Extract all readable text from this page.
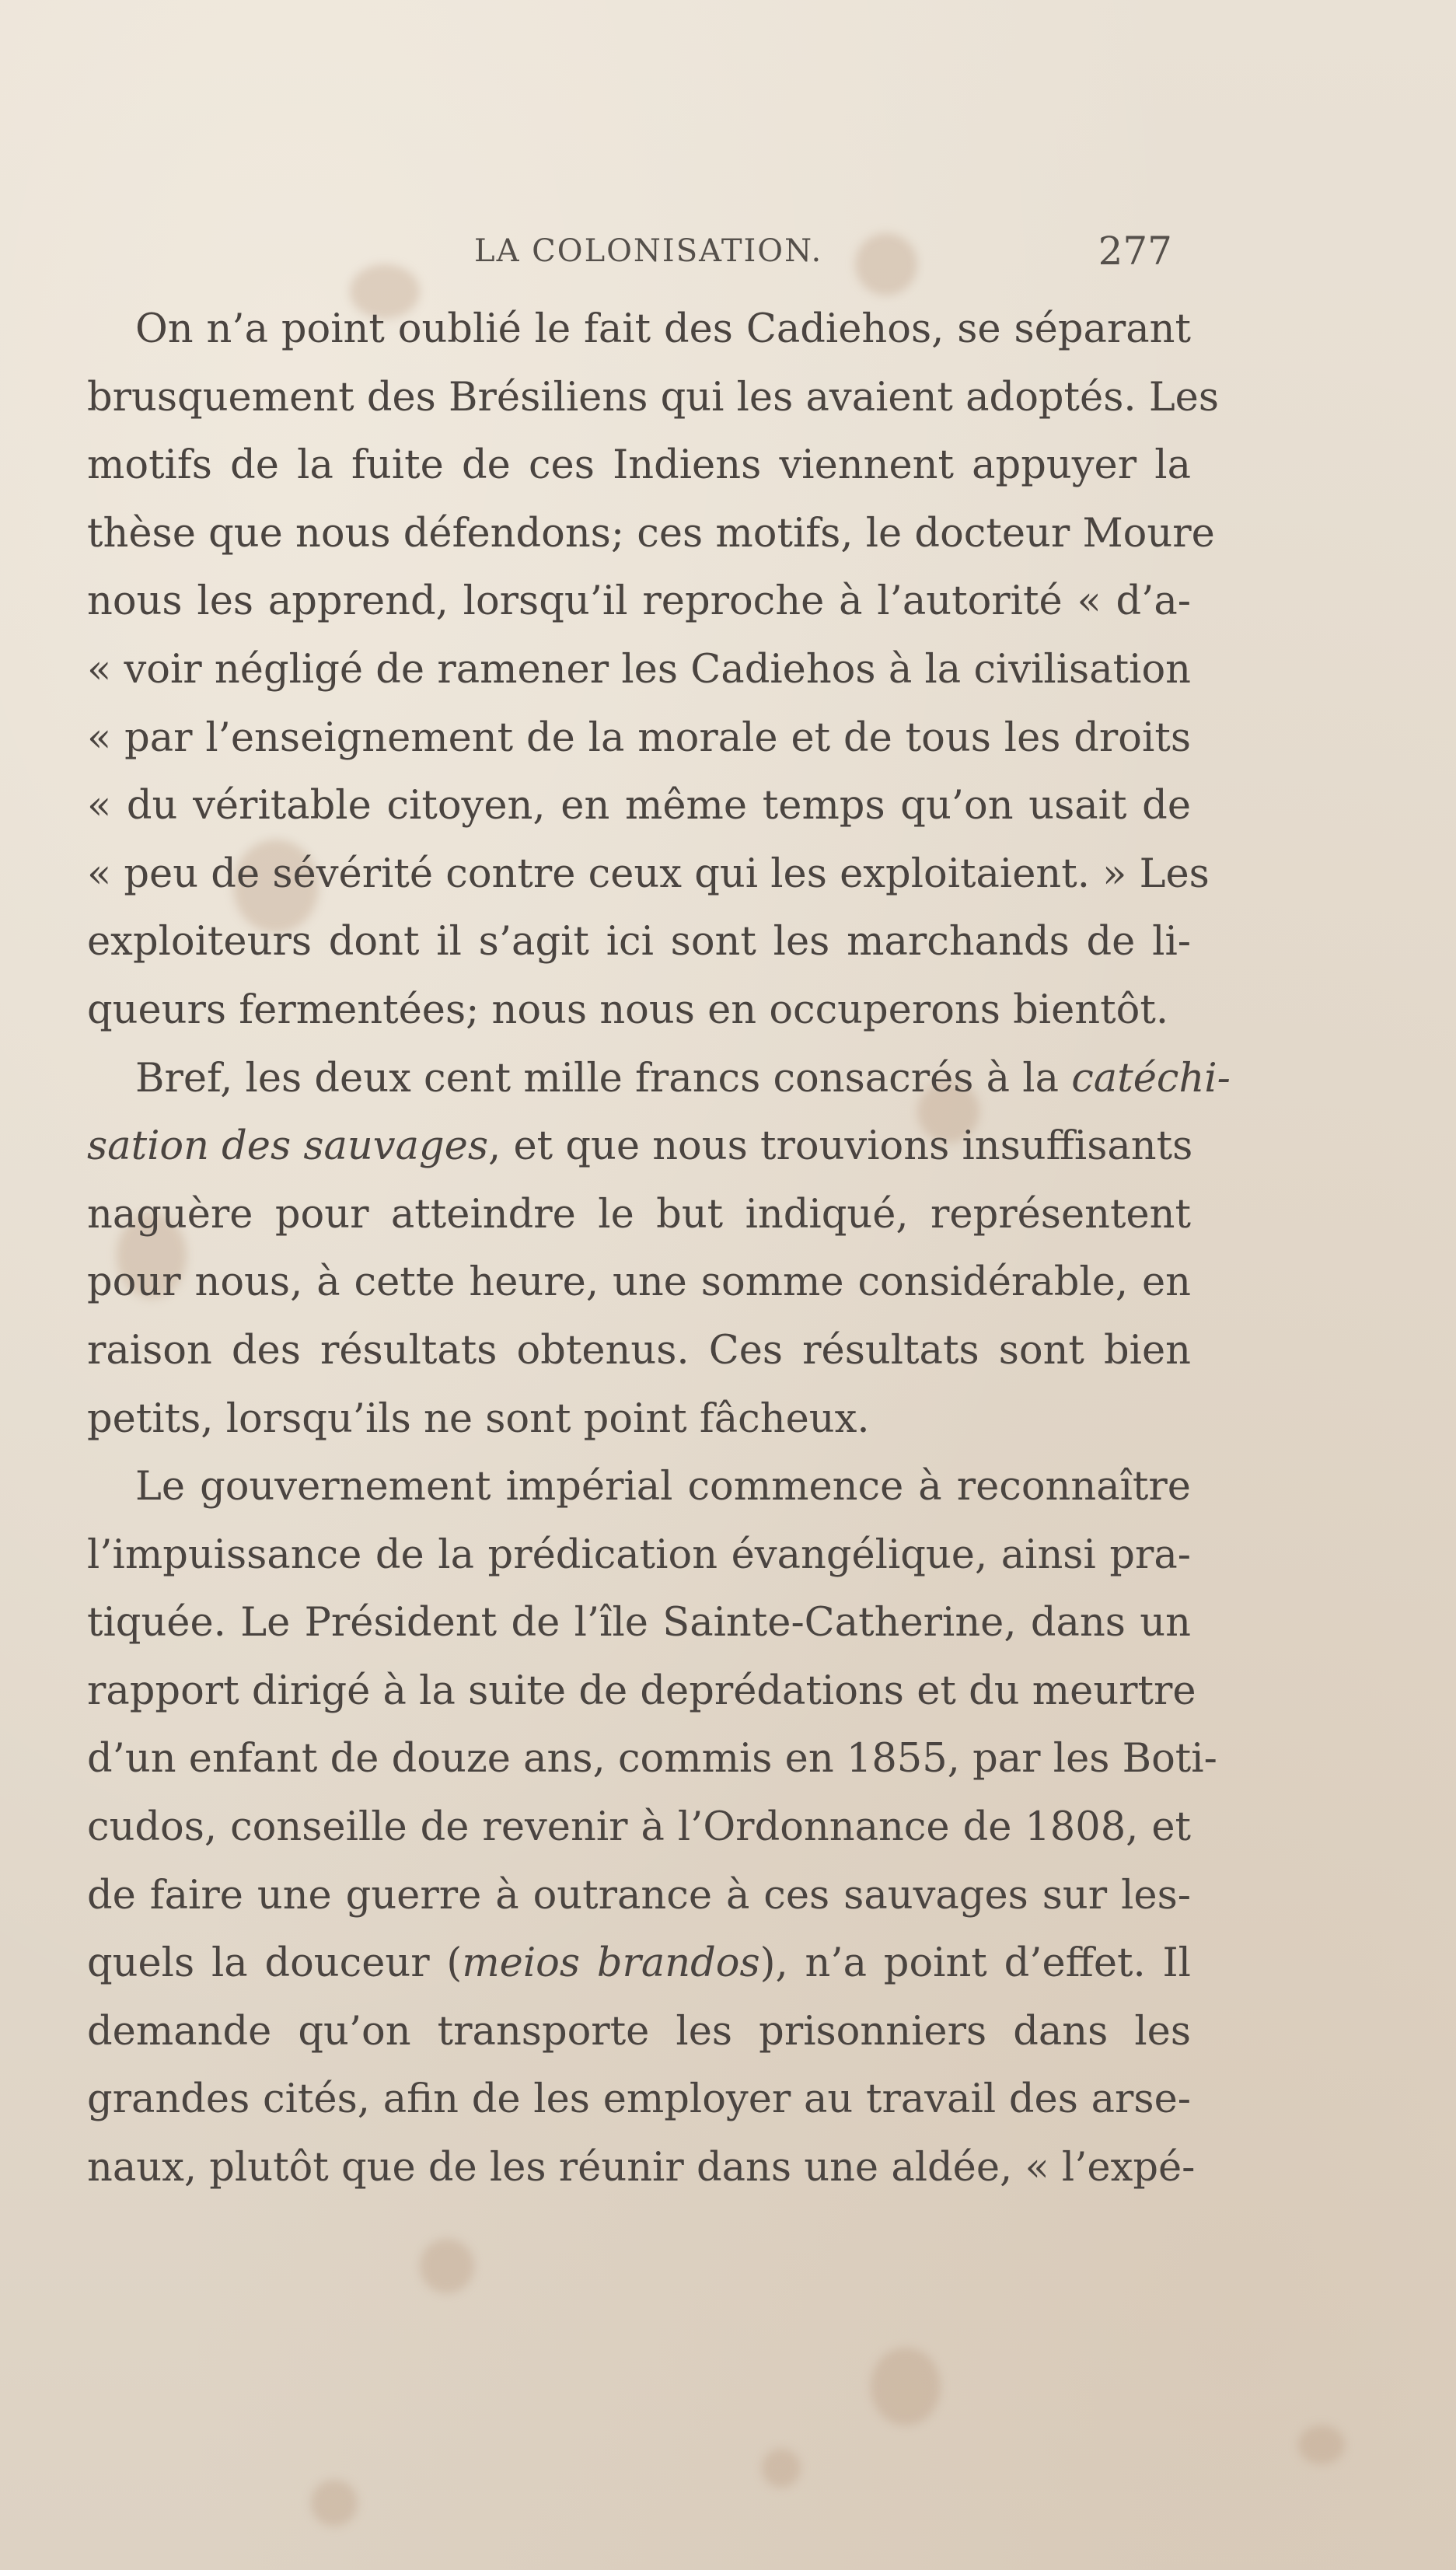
LA COLONISATION.	277
On n’a point oublié le fait des Cadiehos, se séparant
brusquement des Brésiliens qui les avaient adoptés. Les
motifs de la fuite de ces Indiens viennent appuyer la
thèse que nous défendons; ces motifs, le docteur Moure
nous les apprend, lorsqu’il reproche à l’autorité « d’a-
« voir négligé de ramener les Cadiehos à la civilisation
« par l’enseignement de la morale et de tous les droits
« du véritable citoyen, en même temps qu’on usait de
« peu de sévérité contre ceux qui les exploitaient. » Les
exploiteurs dont il s’agit ici sont les marchands de li-
queurs fermentées; nous nous en occuperons bientôt.
Bref, les deux cent mille francs consacrés à la catéchi-
sation des sauvages, et que nous trouvions insuffisants
naguère pour atteindre le but indiqué, représentent
pour nous, à cette heure, une somme considérable, en
raison des résultats obtenus. Ces résultats sont bien
petits, lorsqu’ils ne sont point fâcheux.
Le gouvernement impérial commence à reconnaître
l’impuissance de la prédication évangélique, ainsi pra-
tiquée. Le Président de l’île Sainte-Catherine, dans un
rapport dirigé à la suite de deprédations et du meurtre
d’un enfant de douze ans, commis en 1855, par les Boti-
cudos, conseille de revenir à l’Ordonnance de 1808, et
de faire une guerre à outrance à ces sauvages sur les-
quels la douceur (meios brandos), n’a point d’effet. Il
demande qu’on transporte les prisonniers dans les
grandes cités, afin de les employer au travail des arse-
naux, plutôt que de les réunir dans une aldée, « l’expé-
